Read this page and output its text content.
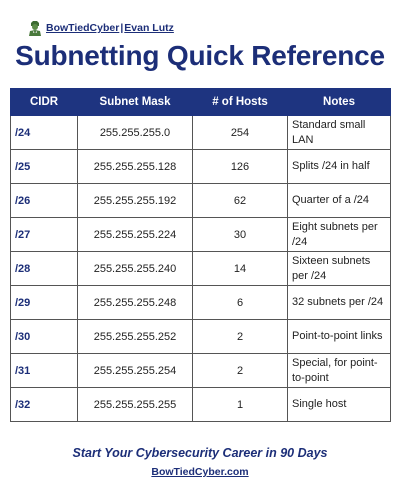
BowTiedCyber | Evan Lutz
Subnetting Quick Reference
CIDR	Subnet Mask	# of Hosts	Notes
/24	255.255.255.0	254	Standard small LAN
/25	255.255.255.128	126	Splits /24 in half
/26	255.255.255.192	62	Quarter of a /24
/27	255.255.255.224	30	Eight subnets per /24
/28	255.255.255.240	14	Sixteen subnets per /24
/29	255.255.255.248	6	32 subnets per /24
/30	255.255.255.252	2	Point-to-point links
/31	255.255.255.254	2	Special, for point-to-point
/32	255.255.255.255	1	Single host
Start Your Cybersecurity Career in 90 Days
BowTiedCyber.com
